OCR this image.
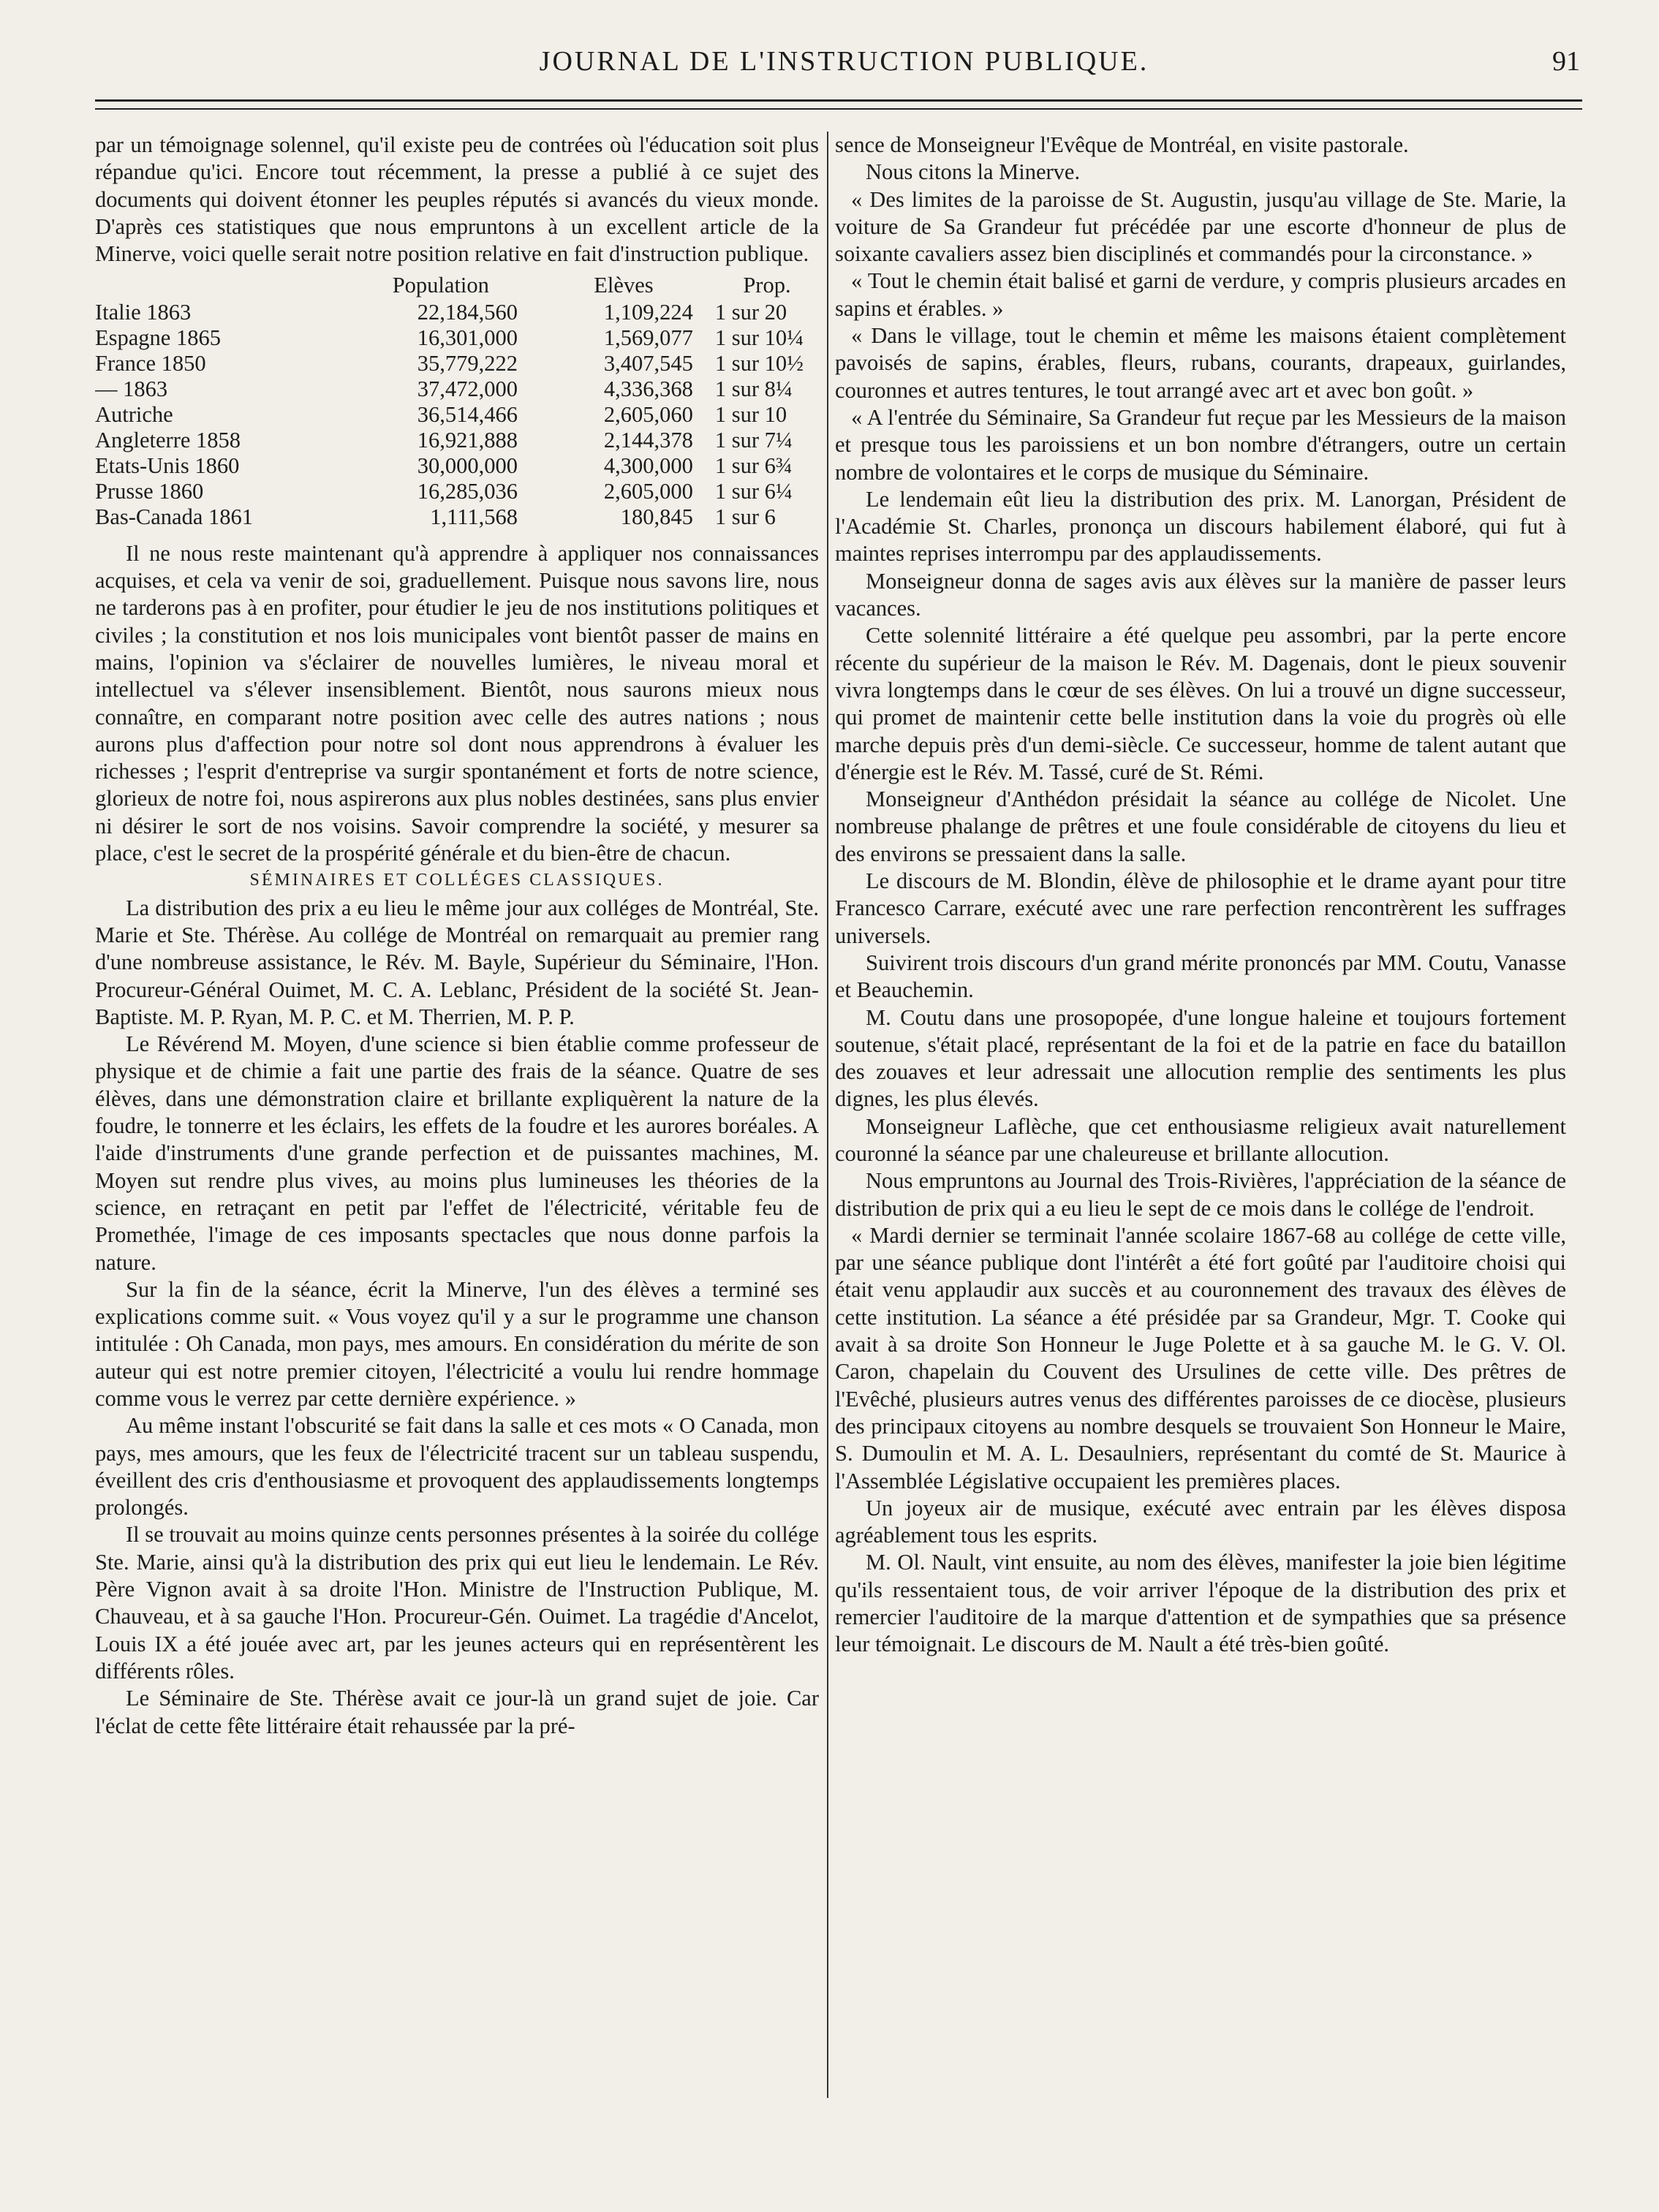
JOURNAL DE L'INSTRUCTION PUBLIQUE.	91

par un témoignage solennel, qu'il existe peu de contrées où l'éducation soit plus répandue qu'ici. Encore tout récemment, la presse a publié à ce sujet des documents qui doivent étonner les peuples réputés si avancés du vieux monde. D'après ces statistiques que nous empruntons à un excellent article de la Minerve, voici quelle serait notre position relative en fait d'instruction publique.

	Population	Elèves	Prop.
Italie 1863	22,184,560	1,109,224	1 sur 20
Espagne 1865	16,301,000	1,569,077	1 sur 10¼
France 1850	35,779,222	3,407,545	1 sur 10½
— 1863	37,472,000	4,336,368	1 sur 8¼
Autriche	36,514,466	2,605,060	1 sur 10
Angleterre 1858	16,921,888	2,144,378	1 sur 7¼
Etats-Unis 1860	30,000,000	4,300,000	1 sur 6¾
Prusse 1860	16,285,036	2,605,000	1 sur 6¼
Bas-Canada 1861	1,111,568	180,845	1 sur 6

Il ne nous reste maintenant qu'à apprendre à appliquer nos connaissances acquises, et cela va venir de soi, graduellement. Puisque nous savons lire, nous ne tarderons pas à en profiter, pour étudier le jeu de nos institutions politiques et civiles ; la constitution et nos lois municipales vont bientôt passer de mains en mains, l'opinion va s'éclairer de nouvelles lumières, le niveau moral et intellectuel va s'élever insensiblement. Bientôt, nous saurons mieux nous connaître, en comparant notre position avec celle des autres nations ; nous aurons plus d'affection pour notre sol dont nous apprendrons à évaluer les richesses ; l'esprit d'entreprise va surgir spontanément et forts de notre science, glorieux de notre foi, nous aspirerons aux plus nobles destinées, sans plus envier ni désirer le sort de nos voisins. Savoir comprendre la société, y mesurer sa place, c'est le secret de la prospérité générale et du bien-être de chacun.

SÉMINAIRES ET COLLÉGES CLASSIQUES.

La distribution des prix a eu lieu le même jour aux colléges de Montréal, Ste. Marie et Ste. Thérèse. Au collége de Montréal on remarquait au premier rang d'une nombreuse assistance, le Rév. M. Bayle, Supérieur du Séminaire, l'Hon. Procureur-Général Ouimet, M. C. A. Leblanc, Président de la société St. Jean-Baptiste. M. P. Ryan, M. P. C. et M. Therrien, M. P. P.

Le Révérend M. Moyen, d'une science si bien établie comme professeur de physique et de chimie a fait une partie des frais de la séance. Quatre de ses élèves, dans une démonstration claire et brillante expliquèrent la nature de la foudre, le tonnerre et les éclairs, les effets de la foudre et les aurores boréales. A l'aide d'instruments d'une grande perfection et de puissantes machines, M. Moyen sut rendre plus vives, au moins plus lumineuses les théories de la science, en retraçant en petit par l'effet de l'électricité, véritable feu de Promethée, l'image de ces imposants spectacles que nous donne parfois la nature.

Sur la fin de la séance, écrit la Minerve, l'un des élèves a terminé ses explications comme suit. « Vous voyez qu'il y a sur le programme une chanson intitulée : Oh Canada, mon pays, mes amours. En considération du mérite de son auteur qui est notre premier citoyen, l'électricité a voulu lui rendre hommage comme vous le verrez par cette dernière expérience. »

Au même instant l'obscurité se fait dans la salle et ces mots « O Canada, mon pays, mes amours, que les feux de l'électricité tracent sur un tableau suspendu, éveillent des cris d'enthousiasme et provoquent des applaudissements longtemps prolongés.

Il se trouvait au moins quinze cents personnes présentes à la soirée du collége Ste. Marie, ainsi qu'à la distribution des prix qui eut lieu le lendemain. Le Rév. Père Vignon avait à sa droite l'Hon. Ministre de l'Instruction Publique, M. Chauveau, et à sa gauche l'Hon. Procureur-Gén. Ouimet. La tragédie d'Ancelot, Louis IX a été jouée avec art, par les jeunes acteurs qui en représentèrent les différents rôles.

Le Séminaire de Ste. Thérèse avait ce jour-là un grand sujet de joie. Car l'éclat de cette fête littéraire était rehaussée par la pré-

sence de Monseigneur l'Evêque de Montréal, en visite pastorale.

Nous citons la Minerve.

« Des limites de la paroisse de St. Augustin, jusqu'au village de Ste. Marie, la voiture de Sa Grandeur fut précédée par une escorte d'honneur de plus de soixante cavaliers assez bien disciplinés et commandés pour la circonstance. »

« Tout le chemin était balisé et garni de verdure, y compris plusieurs arcades en sapins et érables. »

« Dans le village, tout le chemin et même les maisons étaient complètement pavoisés de sapins, érables, fleurs, rubans, courants, drapeaux, guirlandes, couronnes et autres tentures, le tout arrangé avec art et avec bon goût. »

« A l'entrée du Séminaire, Sa Grandeur fut reçue par les Messieurs de la maison et presque tous les paroissiens et un bon nombre d'étrangers, outre un certain nombre de volontaires et le corps de musique du Séminaire.

Le lendemain eût lieu la distribution des prix. M. Lanorgan, Président de l'Académie St. Charles, prononça un discours habilement élaboré, qui fut à maintes reprises interrompu par des applaudissements.

Monseigneur donna de sages avis aux élèves sur la manière de passer leurs vacances.

Cette solennité littéraire a été quelque peu assombri, par la perte encore récente du supérieur de la maison le Rév. M. Dagenais, dont le pieux souvenir vivra longtemps dans le cœur de ses élèves. On lui a trouvé un digne successeur, qui promet de maintenir cette belle institution dans la voie du progrès où elle marche depuis près d'un demi-siècle. Ce successeur, homme de talent autant que d'énergie est le Rév. M. Tassé, curé de St. Rémi.

Monseigneur d'Anthédon présidait la séance au collége de Nicolet. Une nombreuse phalange de prêtres et une foule considérable de citoyens du lieu et des environs se pressaient dans la salle.

Le discours de M. Blondin, élève de philosophie et le drame ayant pour titre Francesco Carrare, exécuté avec une rare perfection rencontrèrent les suffrages universels.

Suivirent trois discours d'un grand mérite prononcés par MM. Coutu, Vanasse et Beauchemin.

M. Coutu dans une prosopopée, d'une longue haleine et toujours fortement soutenue, s'était placé, représentant de la foi et de la patrie en face du bataillon des zouaves et leur adressait une allocution remplie des sentiments les plus dignes, les plus élevés.

Monseigneur Laflèche, que cet enthousiasme religieux avait naturellement couronné la séance par une chaleureuse et brillante allocution.

Nous empruntons au Journal des Trois-Rivières, l'appréciation de la séance de distribution de prix qui a eu lieu le sept de ce mois dans le collége de l'endroit.

« Mardi dernier se terminait l'année scolaire 1867-68 au collége de cette ville, par une séance publique dont l'intérêt a été fort goûté par l'auditoire choisi qui était venu applaudir aux succès et au couronnement des travaux des élèves de cette institution. La séance a été présidée par sa Grandeur, Mgr. T. Cooke qui avait à sa droite Son Honneur le Juge Polette et à sa gauche M. le G. V. Ol. Caron, chapelain du Couvent des Ursulines de cette ville. Des prêtres de l'Evêché, plusieurs autres venus des différentes paroisses de ce diocèse, plusieurs des principaux citoyens au nombre desquels se trouvaient Son Honneur le Maire, S. Dumoulin et M. A. L. Desaulniers, représentant du comté de St. Maurice à l'Assemblée Législative occupaient les premières places.

Un joyeux air de musique, exécuté avec entrain par les élèves disposa agréablement tous les esprits.

M. Ol. Nault, vint ensuite, au nom des élèves, manifester la joie bien légitime qu'ils ressentaient tous, de voir arriver l'époque de la distribution des prix et remercier l'auditoire de la marque d'attention et de sympathies que sa présence leur témoignait. Le discours de M. Nault a été très-bien goûté.
